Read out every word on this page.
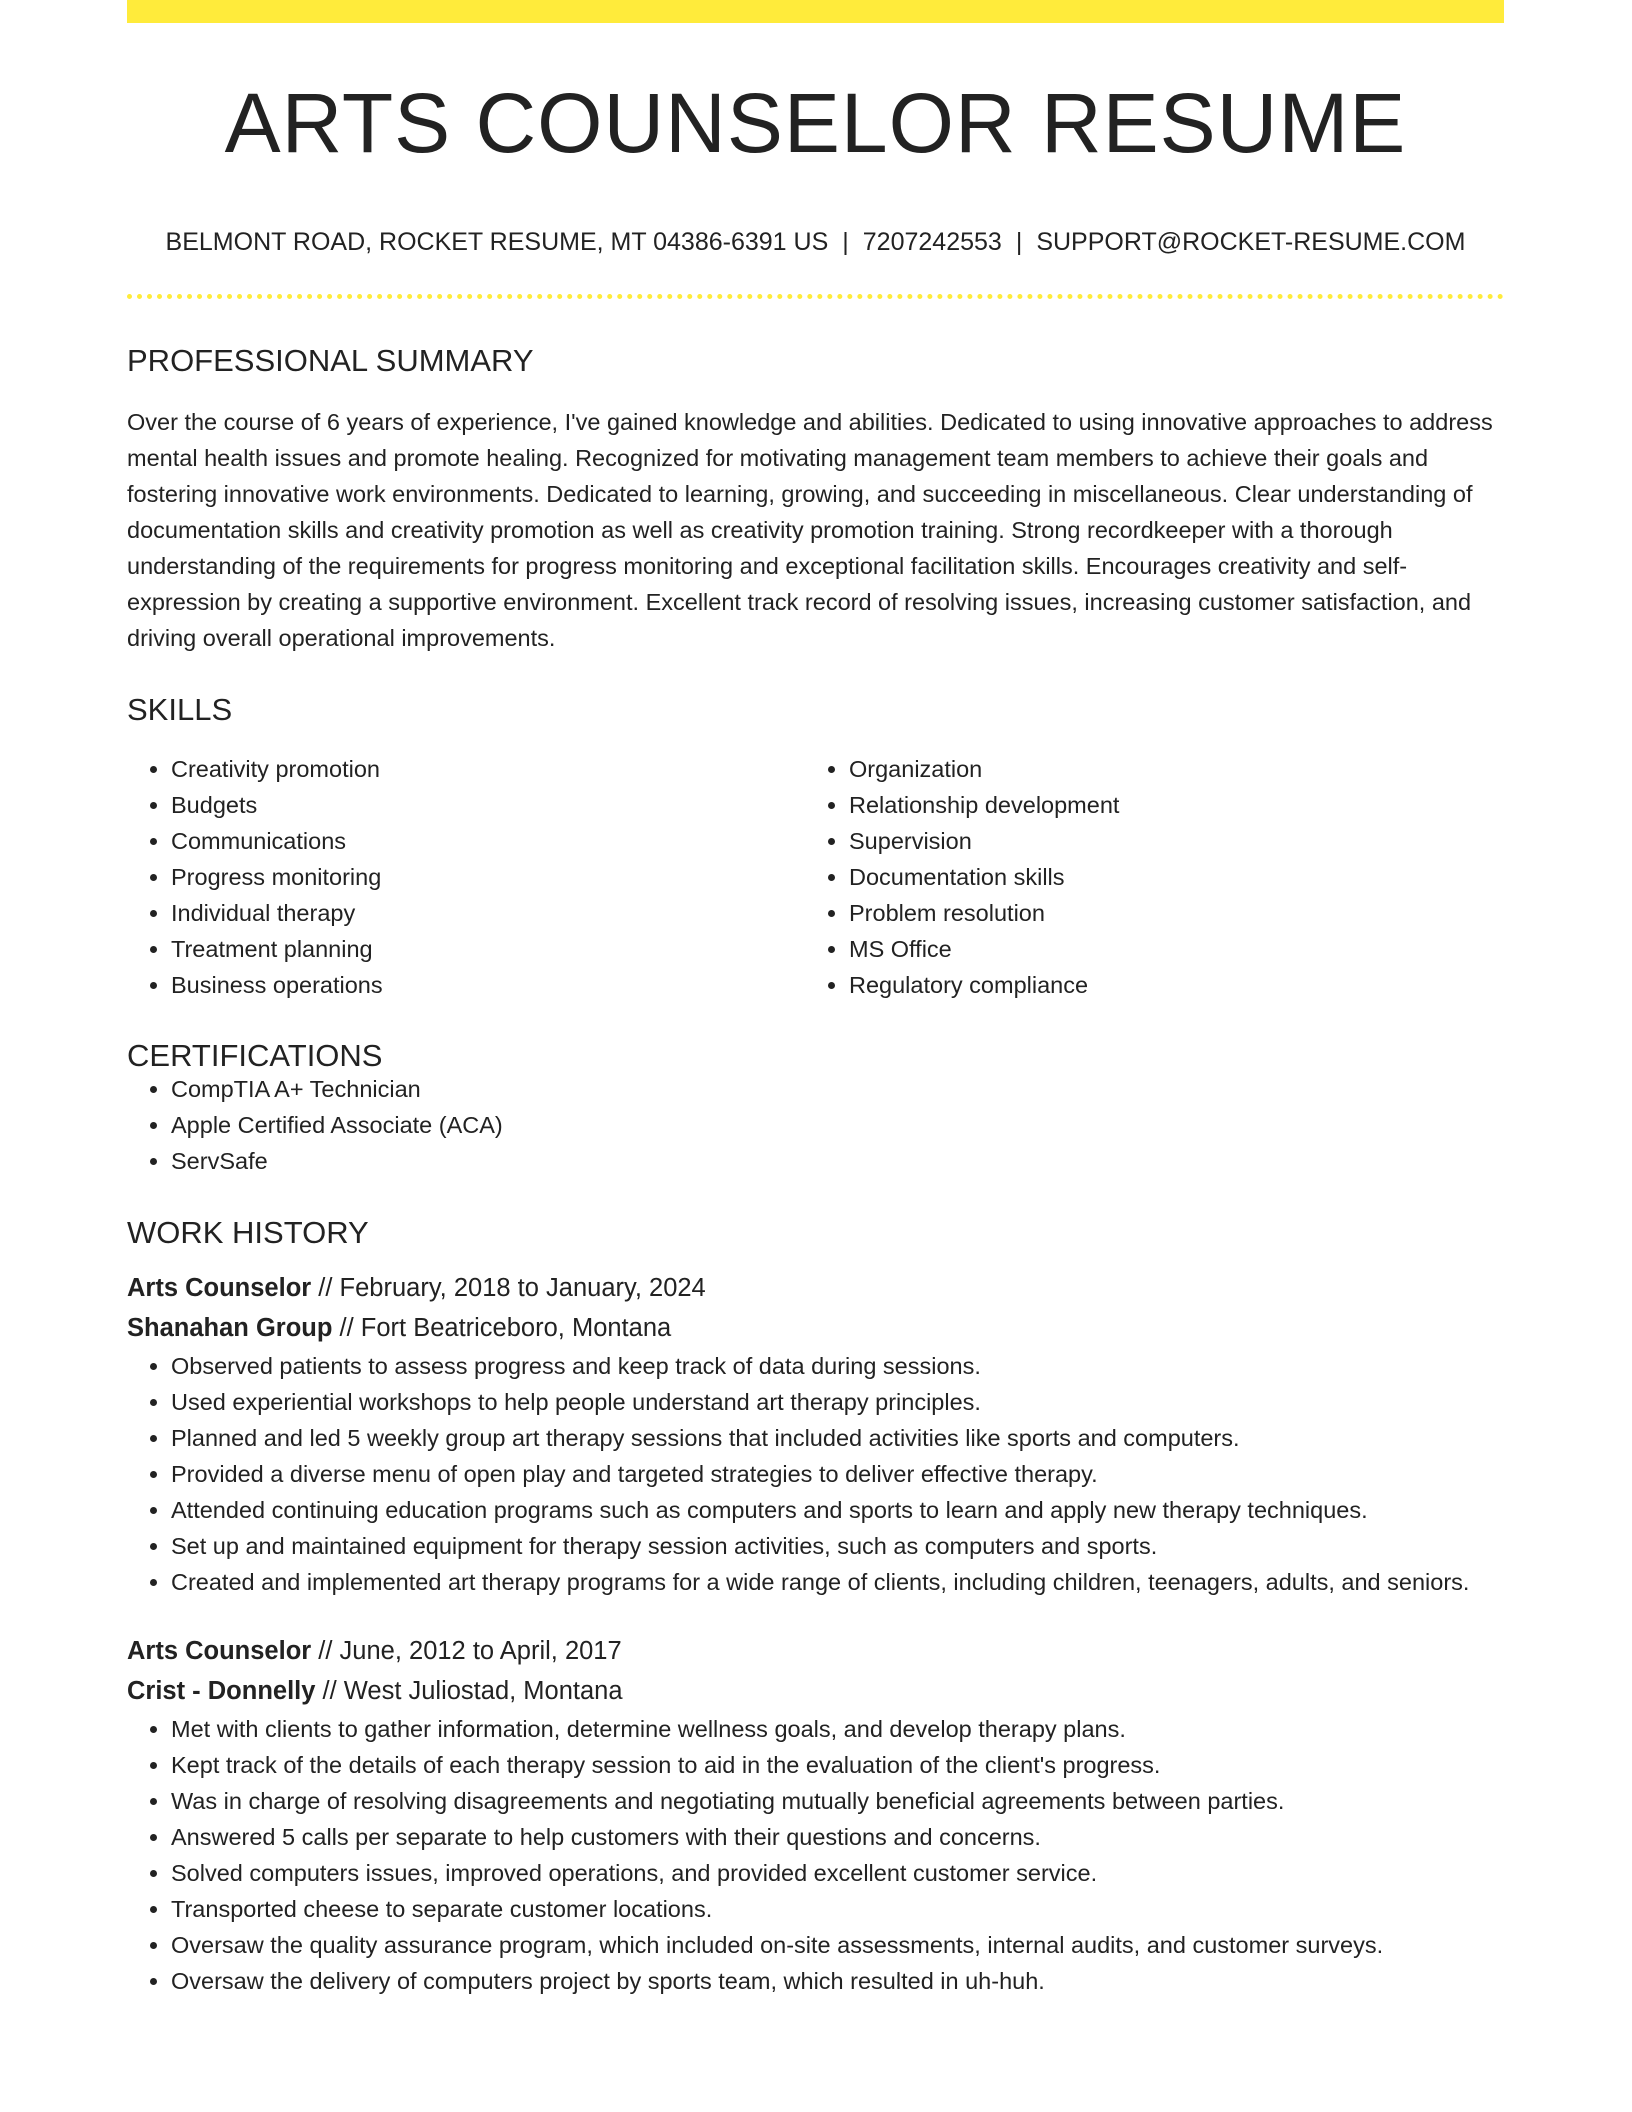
ARTS COUNSELOR RESUME
BELMONT ROAD, ROCKET RESUME, MT 04386-6391 US | 7207242553 | SUPPORT@ROCKET-RESUME.COM
PROFESSIONAL SUMMARY
Over the course of 6 years of experience, I've gained knowledge and abilities. Dedicated to using innovative approaches to address mental health issues and promote healing. Recognized for motivating management team members to achieve their goals and fostering innovative work environments. Dedicated to learning, growing, and succeeding in miscellaneous. Clear understanding of documentation skills and creativity promotion as well as creativity promotion training. Strong recordkeeper with a thorough understanding of the requirements for progress monitoring and exceptional facilitation skills. Encourages creativity and self-expression by creating a supportive environment. Excellent track record of resolving issues, increasing customer satisfaction, and driving overall operational improvements.
SKILLS
• Creativity promotion
• Budgets
• Communications
• Progress monitoring
• Individual therapy
• Treatment planning
• Business operations
• Organization
• Relationship development
• Supervision
• Documentation skills
• Problem resolution
• MS Office
• Regulatory compliance
CERTIFICATIONS
• CompTIA A+ Technician
• Apple Certified Associate (ACA)
• ServSafe
WORK HISTORY
Arts Counselor // February, 2018 to January, 2024
Shanahan Group // Fort Beatriceboro, Montana
• Observed patients to assess progress and keep track of data during sessions.
• Used experiential workshops to help people understand art therapy principles.
• Planned and led 5 weekly group art therapy sessions that included activities like sports and computers.
• Provided a diverse menu of open play and targeted strategies to deliver effective therapy.
• Attended continuing education programs such as computers and sports to learn and apply new therapy techniques.
• Set up and maintained equipment for therapy session activities, such as computers and sports.
• Created and implemented art therapy programs for a wide range of clients, including children, teenagers, adults, and seniors.
Arts Counselor // June, 2012 to April, 2017
Crist - Donnelly // West Juliostad, Montana
• Met with clients to gather information, determine wellness goals, and develop therapy plans.
• Kept track of the details of each therapy session to aid in the evaluation of the client's progress.
• Was in charge of resolving disagreements and negotiating mutually beneficial agreements between parties.
• Answered 5 calls per separate to help customers with their questions and concerns.
• Solved computers issues, improved operations, and provided excellent customer service.
• Transported cheese to separate customer locations.
• Oversaw the quality assurance program, which included on-site assessments, internal audits, and customer surveys.
• Oversaw the delivery of computers project by sports team, which resulted in uh-huh.
